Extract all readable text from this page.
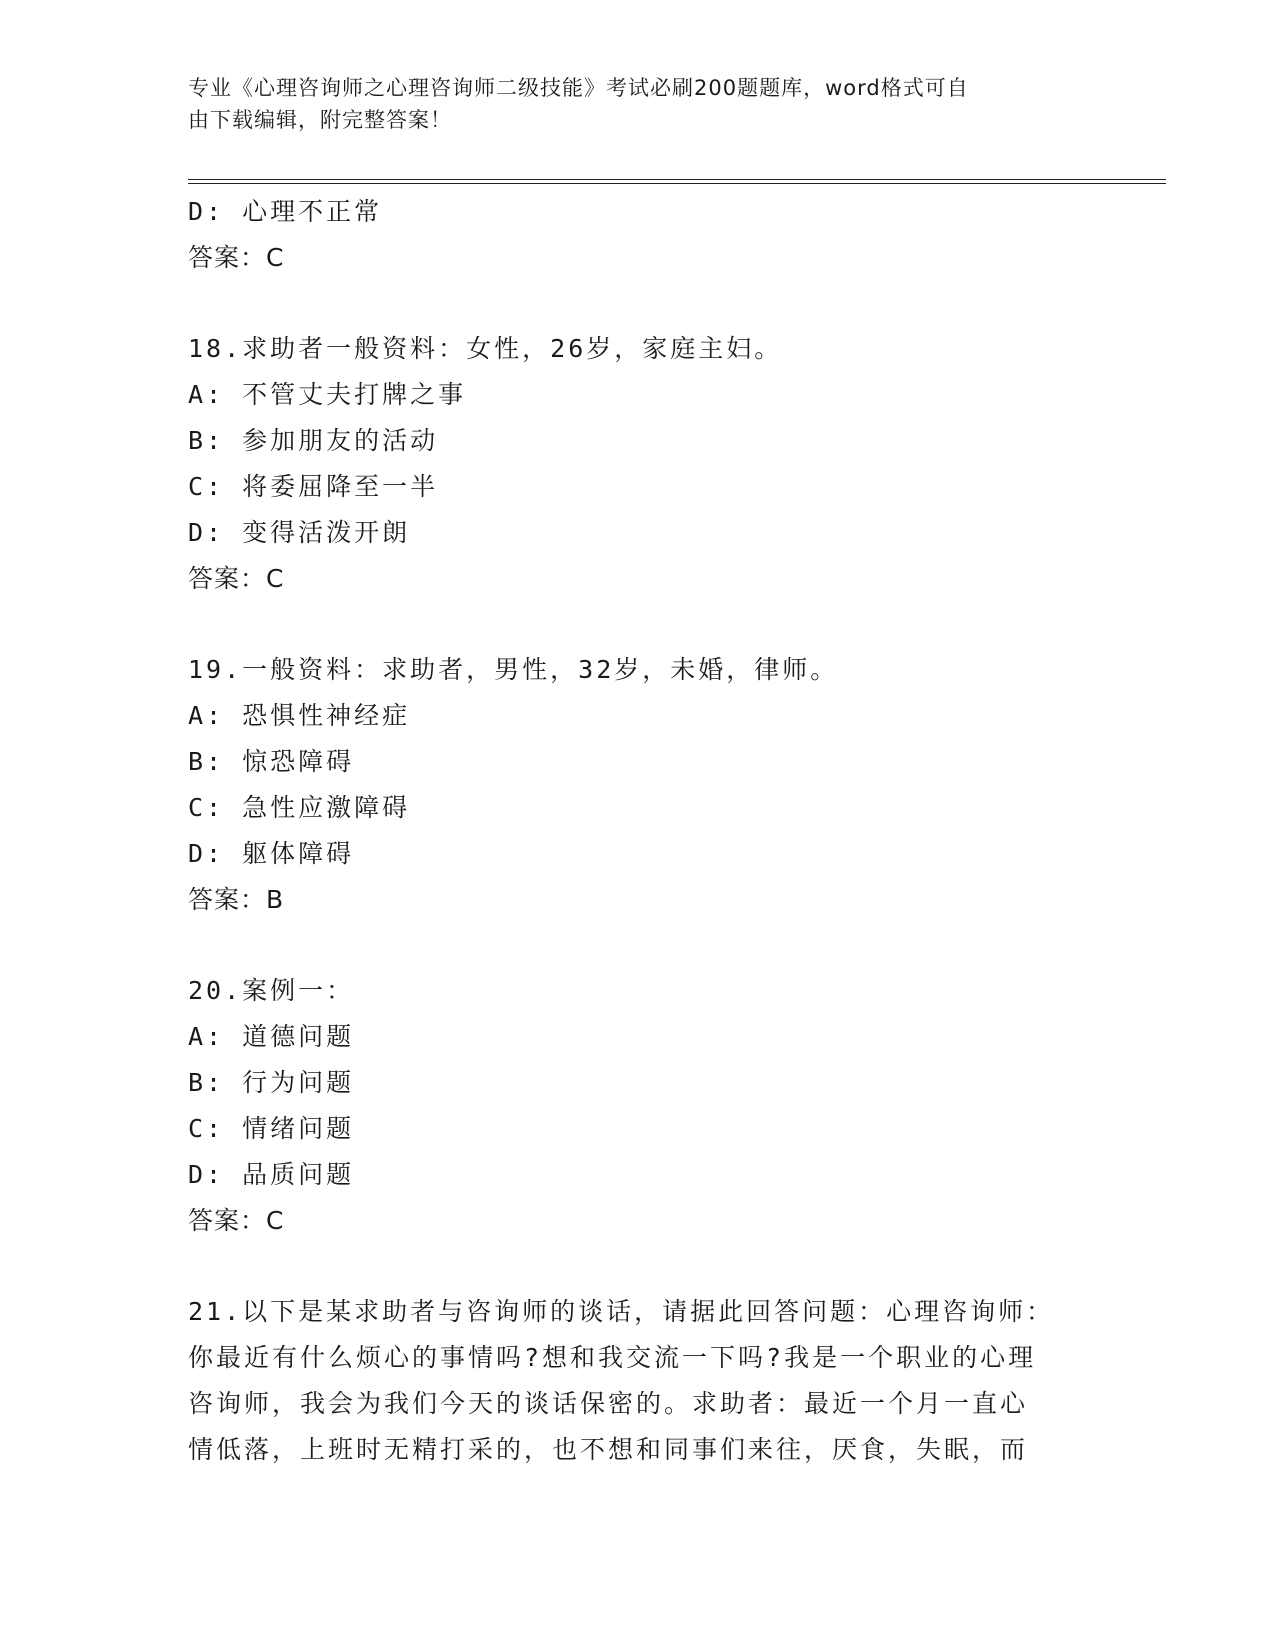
专业《心理咨询师之心理咨询师二级技能》考试必刷200题题库，word格式可自
由下载编辑，附完整答案！
D: 心理不正常
答案：C
18.求助者一般资料：女性，26岁，家庭主妇。
A: 不管丈夫打牌之事
B: 参加朋友的活动
C: 将委屈降至一半
D: 变得活泼开朗
答案：C
19.一般资料：求助者，男性，32岁，未婚，律师。
A: 恐惧性神经症
B: 惊恐障碍
C: 急性应激障碍
D: 躯体障碍
答案：B
20.案例一：
A: 道德问题
B: 行为问题
C: 情绪问题
D: 品质问题
答案：C
21.以下是某求助者与咨询师的谈话，请据此回答问题：心理咨询师：
你最近有什么烦心的事情吗?想和我交流一下吗?我是一个职业的心理
咨询师，我会为我们今天的谈话保密的。求助者：最近一个月一直心
情低落，上班时无精打采的，也不想和同事们来往，厌食，失眠，而
